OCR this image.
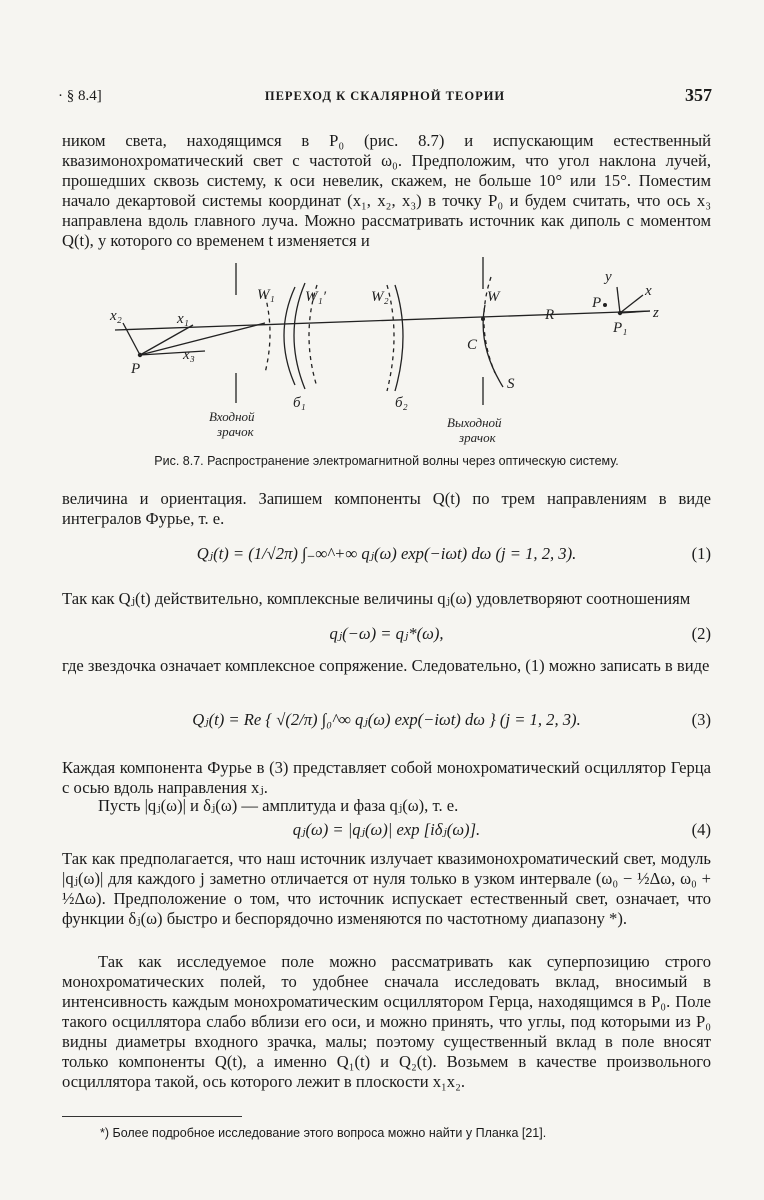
· § 8.4]	ПЕРЕХОД К СКАЛЯРНОЙ ТЕОРИИ	357

ником света, находящимся в P₀ (рис. 8.7) и испускающим естественный квазимонохроматический свет с частотой ω₀. Предположим, что угол наклона лучей, прошедших сквозь систему, к оси невелик, скажем, не больше 10° или 15°. Поместим начало декартовой системы координат (x₁, x₂, x₃) в точку P₀ и будем считать, что ось x₃ направлена вдоль главного луча. Можно рассматривать источник как диполь с моментом Q(t), у которого со временем t изменяется и

x₂	x₁
x₃
P
W₁ W₁′	W₂	W
б₁	б₂
C
S
R
y
x
z
P
P₁
Входной
зрачок
Выходной
зрачок
Рис. 8.7. Распространение электромагнитной волны через оптическую систему.

величина и ориентация. Запишем компоненты Q(t) по трем направлениям в виде интегралов Фурье, т. е.

Qⱼ(t) = (1/√2π) ∫₋∞^+∞ qⱼ(ω) exp(−iωt) dω (j = 1, 2, 3).	(1)

Так как Qⱼ(t) действительно, комплексные величины qⱼ(ω) удовлетворяют соотношениям

qⱼ(−ω) = qⱼ*(ω),	(2)

где звездочка означает комплексное сопряжение. Следовательно, (1) можно записать в виде

Qⱼ(t) = Re { √(2/π) ∫₀^∞ qⱼ(ω) exp(−iωt) dω } (j = 1, 2, 3).	(3)

Каждая компонента Фурье в (3) представляет собой монохроматический осциллятор Герца с осью вдоль направления xⱼ.

Пусть |qⱼ(ω)| и δⱼ(ω) — амплитуда и фаза qⱼ(ω), т. е.

qⱼ(ω) = |qⱼ(ω)| exp [iδⱼ(ω)].	(4)

Так как предполагается, что наш источник излучает квазимонохроматический свет, модуль |qⱼ(ω)| для каждого j заметно отличается от нуля только в узком интервале (ω₀ − ½Δω, ω₀ + ½Δω). Предположение о том, что источник испускает естественный свет, означает, что функции δⱼ(ω) быстро и беспорядочно изменяются по частотному диапазону *).

Так как исследуемое поле можно рассматривать как суперпозицию строго монохроматических полей, то удобнее сначала исследовать вклад, вносимый в интенсивность каждым монохроматическим осциллятором Герца, находящимся в P₀. Поле такого осциллятора слабо вблизи его оси, и можно принять, что углы, под которыми из P₀ видны диаметры входного зрачка, малы; поэтому существенный вклад в поле вносят только компоненты Q(t), а именно Q₁(t) и Q₂(t). Возьмем в качестве произвольного осциллятора такой, ось которого лежит в плоскости x₁x₂.

*) Более подробное исследование этого вопроса можно найти у Планка [21].
